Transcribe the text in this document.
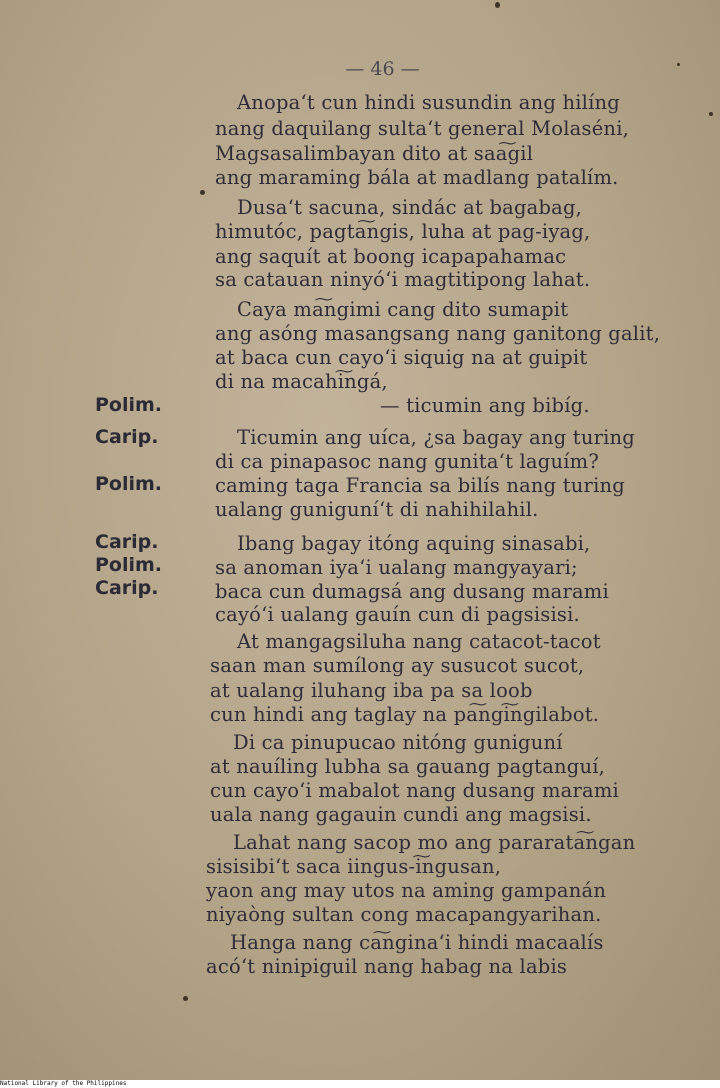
— 46 —
Anopa‘t cun hindi susundin ang hilíng
nang daquilang sulta‘t general Molaséni,
Magsasalimbayan dito at saa͠gil
ang maraming bála at madlang patalím.
Dusa‘t sacuna, sindác at bagabag,
himutóc, pagta͠ngis, luha at pag-iyag,
ang saquít at boong icapapahamac
sa catauan ninyó‘i magtitipong lahat.
Caya ma͠ngimi cang dito sumapit
ang asóng masangsang nang ganitong galit,
at baca cun cayo‘i siquig na at guipit
di na macahi͠ngá,
— ticumin ang bibíg.
Ticumin ang uíca, ¿sa bagay ang turing
di ca pinapasoc nang gunita‘t laguím?
caming taga Francia sa bilís nang turing
ualang guniguní‘t di nahihilahil.
Ibang bagay itóng aquing sinasabi,
sa anoman iya‘i ualang mangyayari;
baca cun dumagsá ang dusang marami
cayó‘i ualang gauín cun di pagsisisi.
At mangagsiluha nang catacot-tacot
saan man sumílong ay susucot sucot,
at ualang iluhang iba pa sa loob
cun hindi ang taglay na pa͠ngi͠ngilabot.
Di ca pinupucao nitóng guniguní
at nauíling lubha sa gauang pagtanguí,
cun cayo‘i mabalot nang dusang marami
uala nang gagauin cundi ang magsisi.
Lahat nang sacop mo ang pararata͠ngan
sisisibi‘t saca iingus-i͠ngusan,
yaon ang may utos na aming gampanán
niyaòng sultan cong macapangyarihan.
Hanga nang ca͠ngina‘i hindi macaalís
acó‘t ninipiguil nang habag na labis
Polim.
Carip.
Polim.
Carip.
Polim.
Carip.
National Library of the Philippines
